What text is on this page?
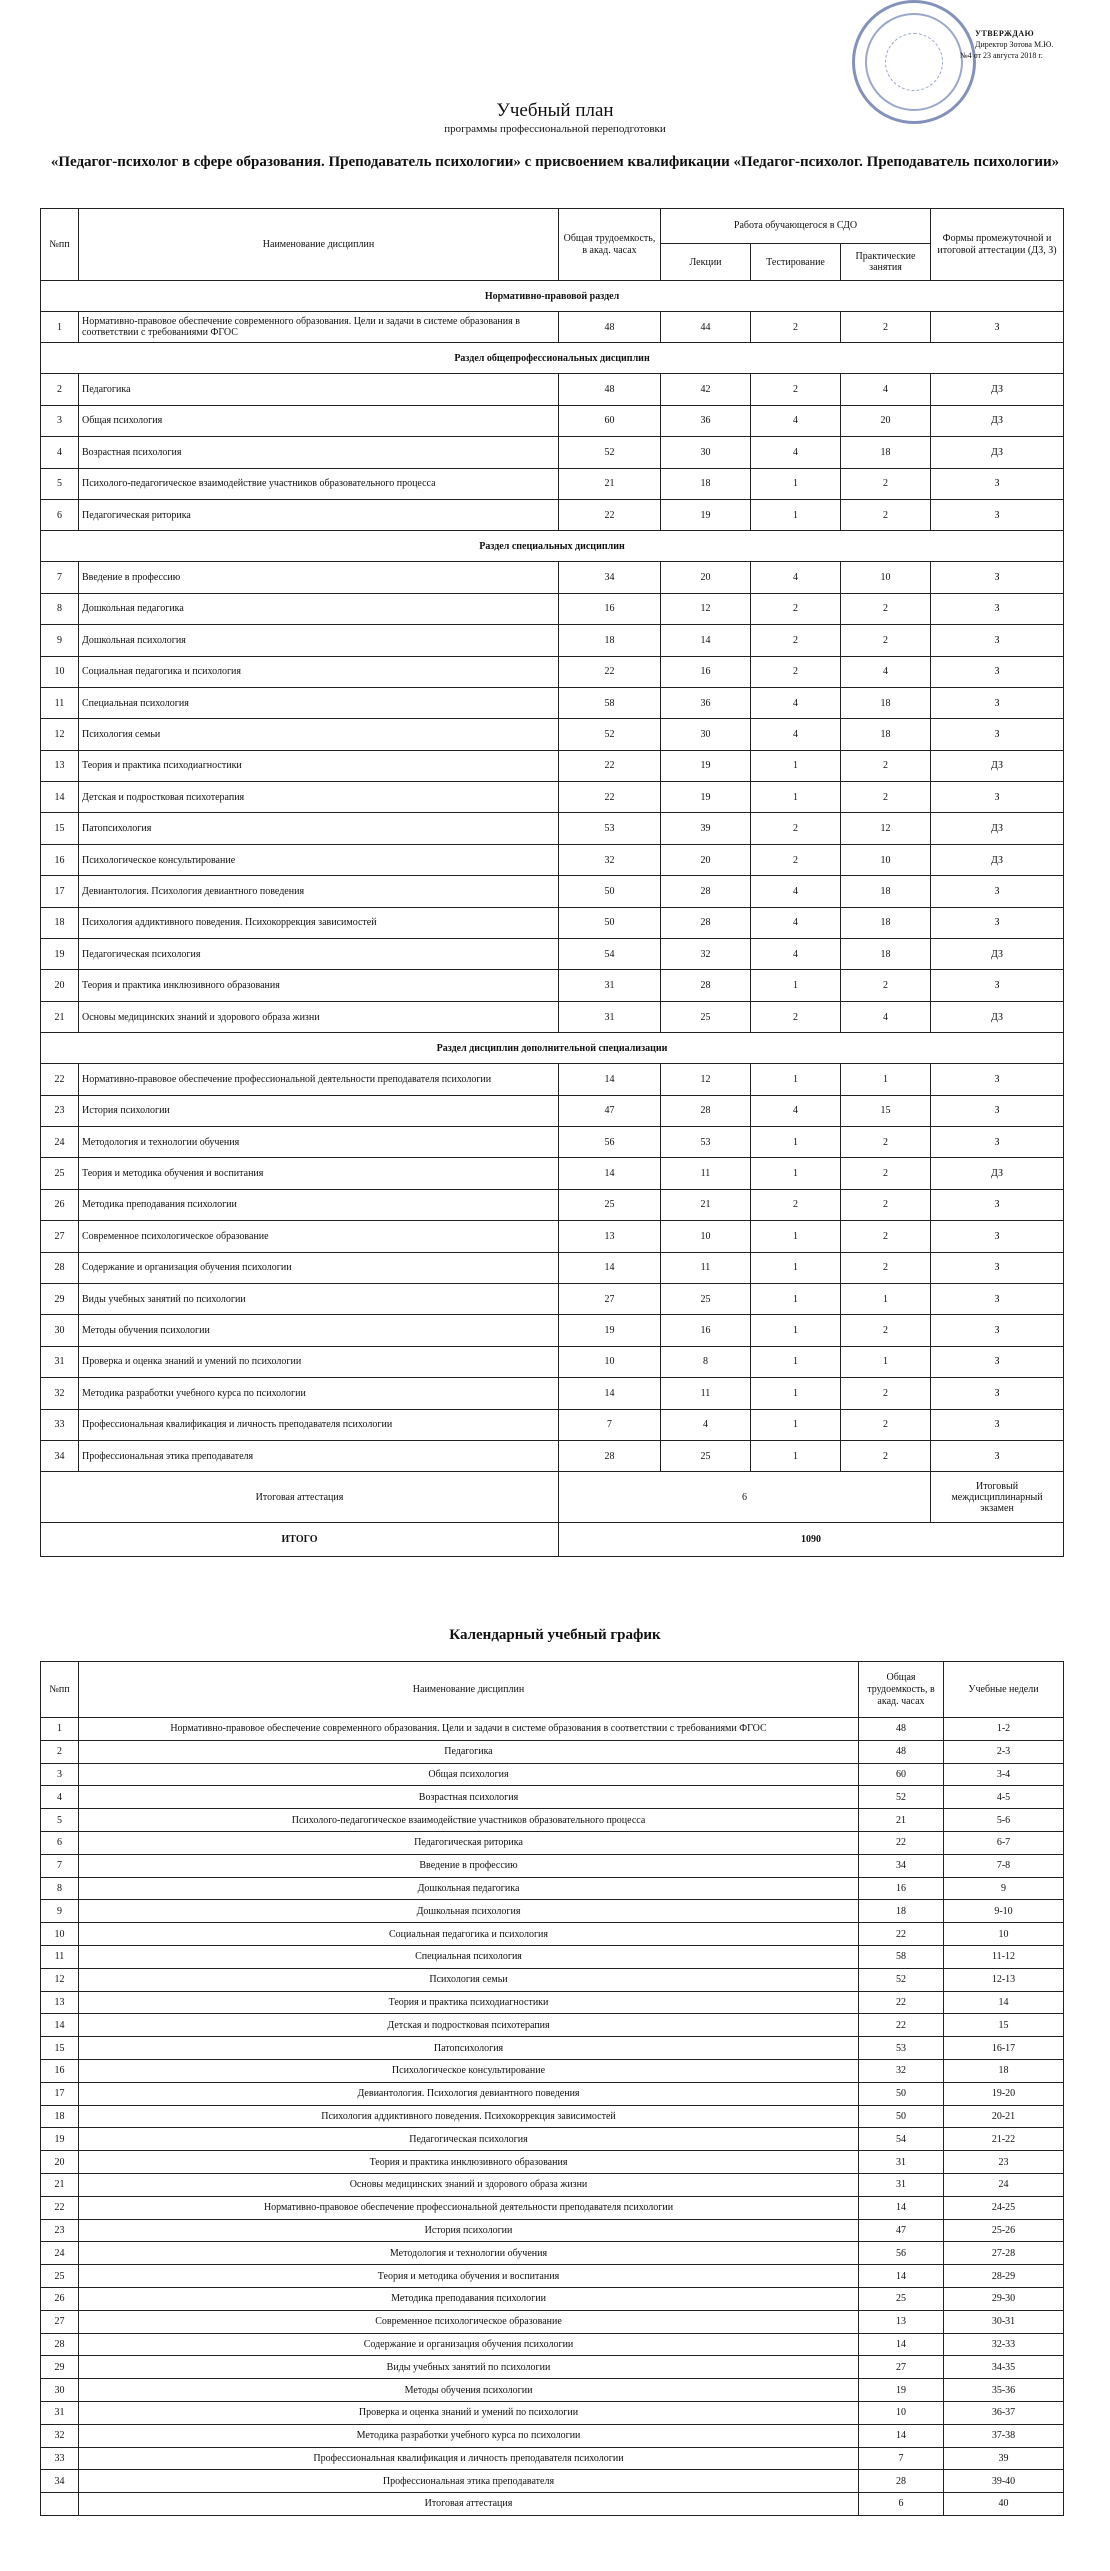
УТВЕРЖДАЮ
Директор Зотова М.Ю.
№4 от 23 августа 2018 г.
Учебный план
программы профессиональной переподготовки
«Педагог-психолог в сфере образования. Преподаватель психологии» с присвоением квалификации «Педагог-психолог. Преподаватель психологии»
№пп	Наименование дисциплин	Общая трудоемкость, в акад. часах	Работа обучающегося в СДО			Формы промежуточной и итоговой аттестации (ДЗ, З)
			Лекции	Тестирование	Практические занятия	
Нормативно-правовой раздел						
1	Нормативно-правовое обеспечение современного образования. Цели и задачи в системе образования в соответствии с требованиями ФГОС	48	44	2	2	З
Раздел общепрофессиональных дисциплин						
2	Педагогика	48	42	2	4	ДЗ
3	Общая психология	60	36	4	20	ДЗ
4	Возрастная психология	52	30	4	18	ДЗ
5	Психолого-педагогическое взаимодействие участников образовательного процесса	21	18	1	2	З
6	Педагогическая риторика	22	19	1	2	З
Раздел специальных дисциплин						
7	Введение в профессию	34	20	4	10	З
8	Дошкольная педагогика	16	12	2	2	З
9	Дошкольная психология	18	14	2	2	З
10	Социальная педагогика и психология	22	16	2	4	З
11	Специальная психология	58	36	4	18	З
12	Психология семьи	52	30	4	18	З
13	Теория и практика психодиагностики	22	19	1	2	ДЗ
14	Детская и подростковая психотерапия	22	19	1	2	З
15	Патопсихология	53	39	2	12	ДЗ
16	Психологическое консультирование	32	20	2	10	ДЗ
17	Девиантология. Психология девиантного поведения	50	28	4	18	З
18	Психология аддиктивного поведения. Психокоррекция зависимостей	50	28	4	18	З
19	Педагогическая психология	54	32	4	18	ДЗ
20	Теория и практика инклюзивного образования	31	28	1	2	З
21	Основы медицинских знаний и здорового образа жизни	31	25	2	4	ДЗ
Раздел дисциплин дополнительной специализации						
22	Нормативно-правовое обеспечение профессиональной деятельности преподавателя психологии	14	12	1	1	З
23	История психологии	47	28	4	15	З
24	Методология и технологии обучения	56	53	1	2	З
25	Теория и методика обучения и воспитания	14	11	1	2	ДЗ
26	Методика преподавания психологии	25	21	2	2	З
27	Современное психологическое образование	13	10	1	2	З
28	Содержание и организация обучения психологии	14	11	1	2	З
29	Виды учебных занятий по психологии	27	25	1	1	З
30	Методы обучения психологии	19	16	1	2	З
31	Проверка и оценка знаний и умений по психологии	10	8	1	1	З
32	Методика разработки учебного курса по психологии	14	11	1	2	З
33	Профессиональная квалификация и личность преподавателя психологии	7	4	1	2	З
34	Профессиональная этика преподавателя	28	25	1	2	З
Итоговая аттестация		6				Итоговый междисциплинарный экзамен
ИТОГО		1090				
Календарный учебный график
№пп	Наименование дисциплин	Общая трудоемкость, в акад. часах	Учебные недели
1	Нормативно-правовое обеспечение современного образования. Цели и задачи в системе образования в соответствии с требованиями ФГОС	48	1-2
2	Педагогика	48	2-3
3	Общая психология	60	3-4
4	Возрастная психология	52	4-5
5	Психолого-педагогическое взаимодействие участников образовательного процесса	21	5-6
6	Педагогическая риторика	22	6-7
7	Введение в профессию	34	7-8
8	Дошкольная педагогика	16	9
9	Дошкольная психология	18	9-10
10	Социальная педагогика и психология	22	10
11	Специальная психология	58	11-12
12	Психология семьи	52	12-13
13	Теория и практика психодиагностики	22	14
14	Детская и подростковая психотерапия	22	15
15	Патопсихология	53	16-17
16	Психологическое консультирование	32	18
17	Девиантология. Психология девиантного поведения	50	19-20
18	Психология аддиктивного поведения. Психокоррекция зависимостей	50	20-21
19	Педагогическая психология	54	21-22
20	Теория и практика инклюзивного образования	31	23
21	Основы медицинских знаний и здорового образа жизни	31	24
22	Нормативно-правовое обеспечение профессиональной деятельности преподавателя психологии	14	24-25
23	История психологии	47	25-26
24	Методология и технологии обучения	56	27-28
25	Теория и методика обучения и воспитания	14	28-29
26	Методика преподавания психологии	25	29-30
27	Современное психологическое образование	13	30-31
28	Содержание и организация обучения психологии	14	32-33
29	Виды учебных занятий по психологии	27	34-35
30	Методы обучения психологии	19	35-36
31	Проверка и оценка знаний и умений по психологии	10	36-37
32	Методика разработки учебного курса по психологии	14	37-38
33	Профессиональная квалификация и личность преподавателя психологии	7	39
34	Профессиональная этика преподавателя	28	39-40
	Итоговая аттестация	6	40
